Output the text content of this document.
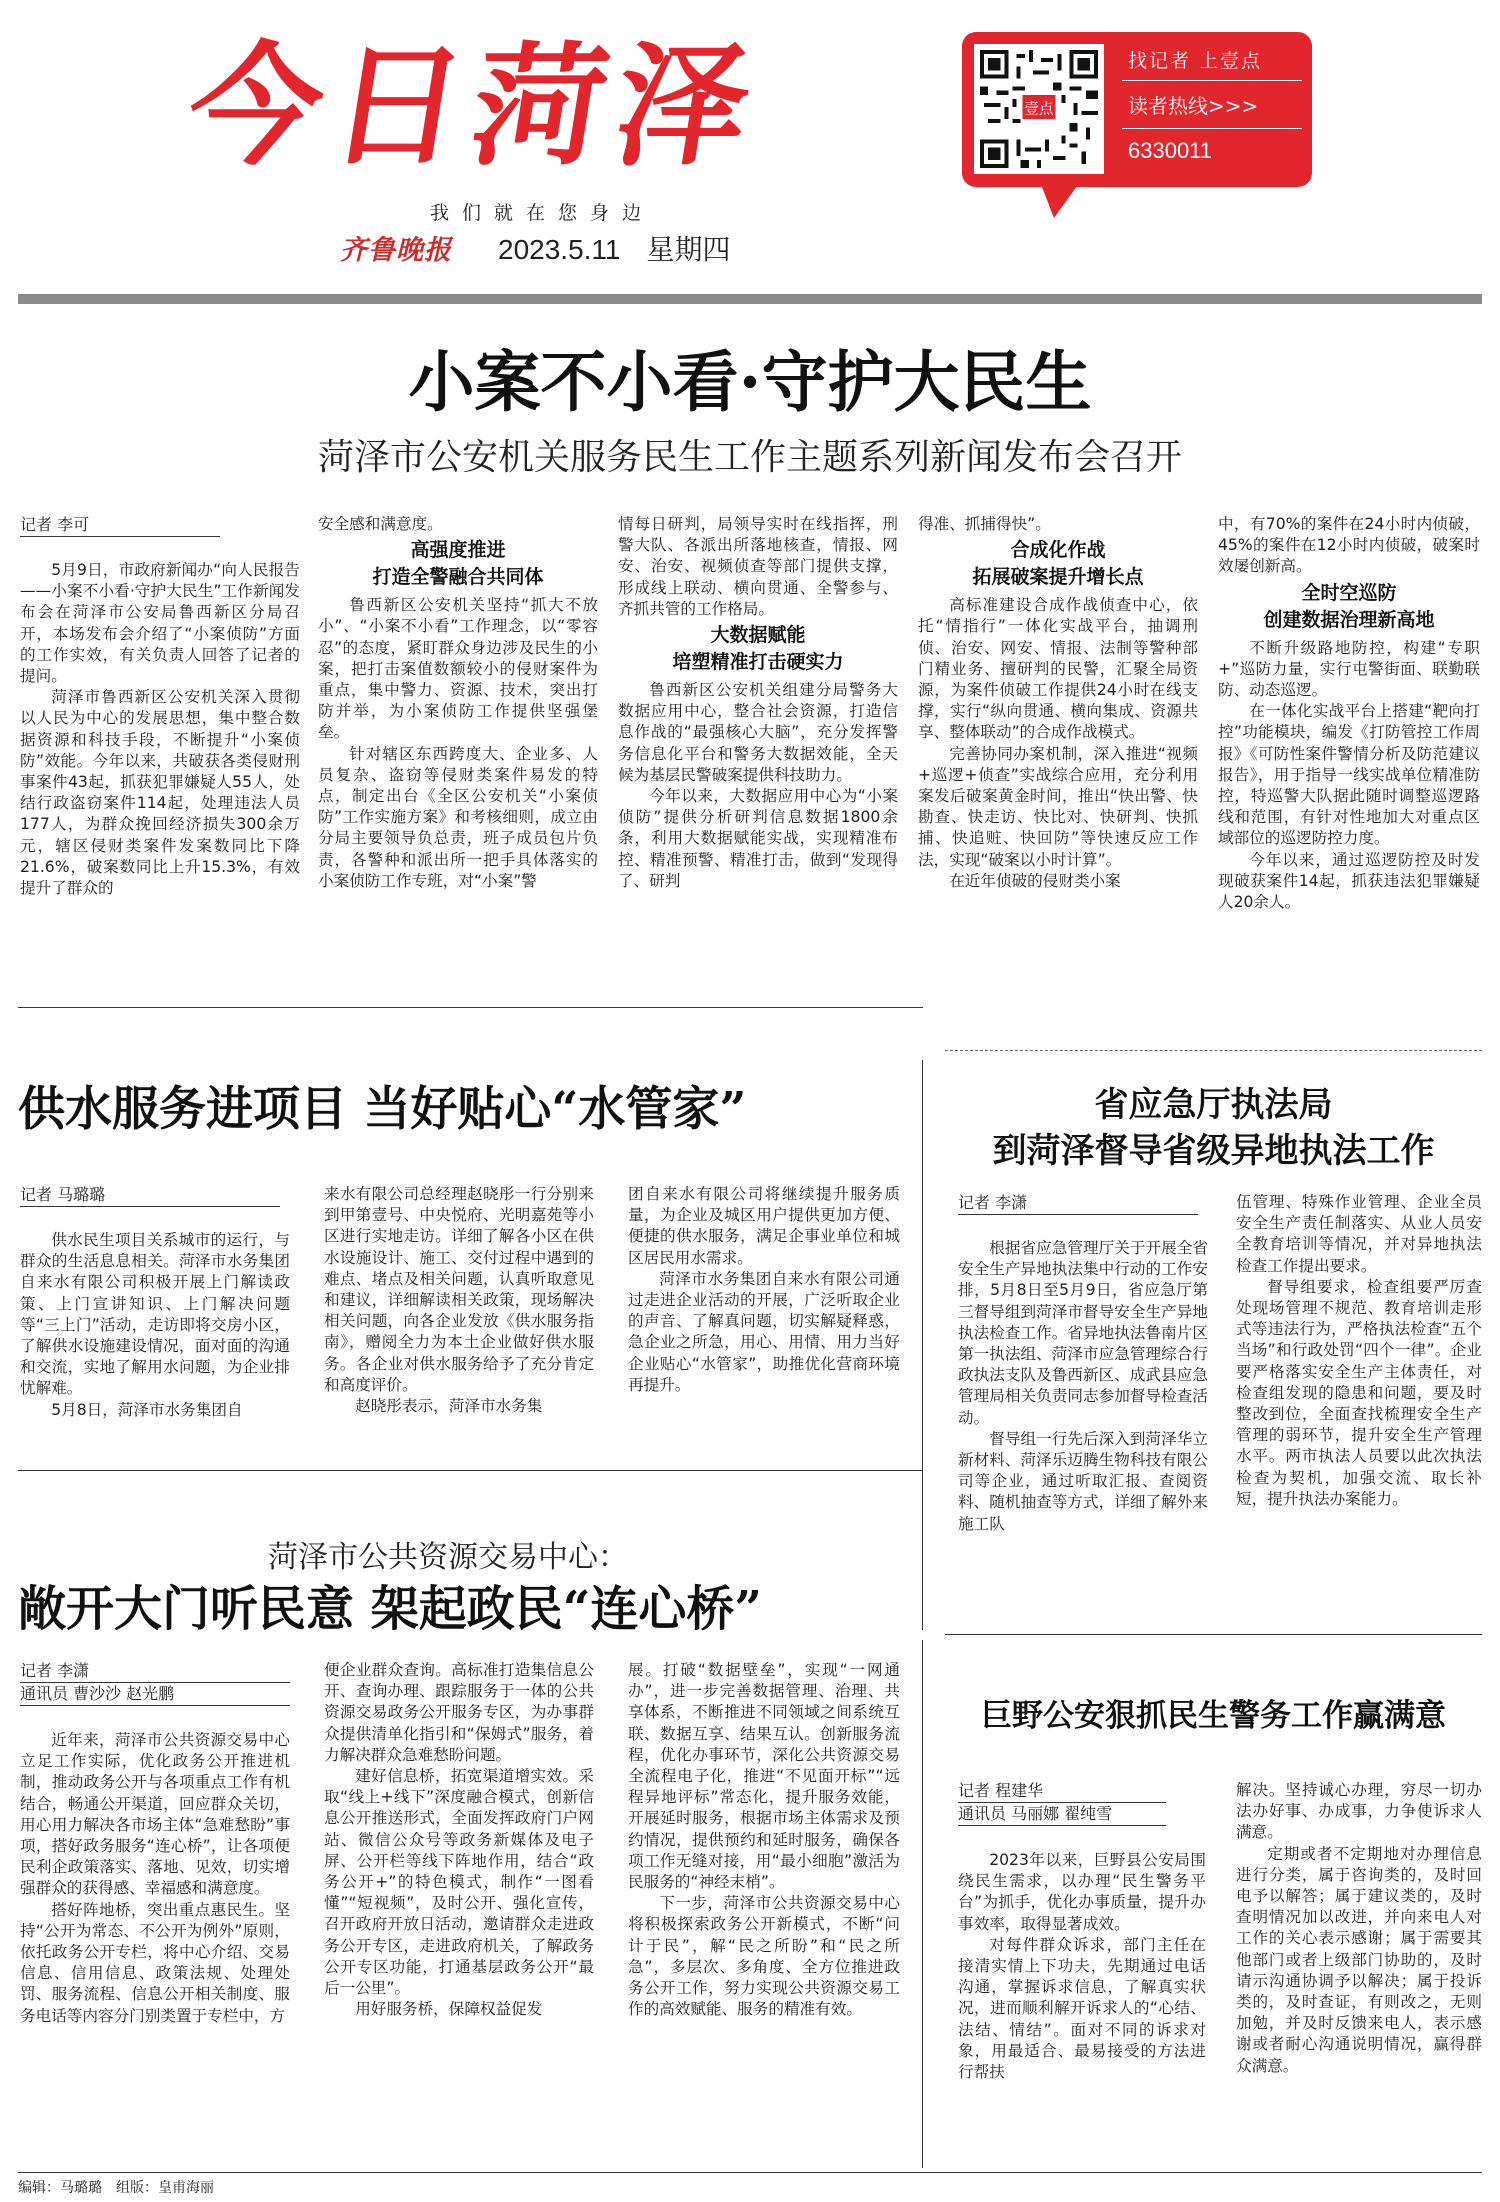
今日菏泽
我们就在您身边
齐鲁晚报 2023.5.11 星期四
壹点
找记者 上壹点
读者热线>>>
6330011
小案不小看·守护大民生
菏泽市公安机关服务民生工作主题系列新闻发布会召开
记者 李可

5月9日，市政府新闻办“向人民报告——小案不小看·守护大民生”工作新闻发布会在菏泽市公安局鲁西新区分局召开，本场发布会介绍了“小案侦防”方面的工作实效，有关负责人回答了记者的提问。

菏泽市鲁西新区公安机关深入贯彻以人民为中心的发展思想，集中整合数据资源和科技手段，不断提升“小案侦防”效能。今年以来，共破获各类侵财刑事案件43起，抓获犯罪嫌疑人55人，处结行政盗窃案件114起，处理违法人员177人，为群众挽回经济损失300余万元，辖区侵财类案件发案数同比下降21.6%，破案数同比上升15.3%，有效提升了群众的

安全感和满意度。

高强度推进
打造全警融合共同体

鲁西新区公安机关坚持“抓大不放小”、“小案不小看”工作理念，以“零容忍”的态度，紧盯群众身边涉及民生的小案，把打击案值数额较小的侵财案件为重点，集中警力、资源、技术，突出打防并举，为小案侦防工作提供坚强堡垒。

针对辖区东西跨度大、企业多、人员复杂、盗窃等侵财类案件易发的特点，制定出台《全区公安机关“小案侦防”工作实施方案》和考核细则，成立由分局主要领导负总责，班子成员包片负责，各警种和派出所一把手具体落实的小案侦防工作专班，对“小案”警

情每日研判，局领导实时在线指挥，刑警大队、各派出所落地核查，情报、网安、治安、视频侦查等部门提供支撑，形成线上联动、横向贯通、全警参与、齐抓共管的工作格局。

大数据赋能
培塑精准打击硬实力

鲁西新区公安机关组建分局警务大数据应用中心，整合社会资源，打造信息作战的“最强核心大脑”，充分发挥警务信息化平台和警务大数据效能，全天候为基层民警破案提供科技助力。

今年以来，大数据应用中心为“小案侦防”提供分析研判信息数据1800余条，利用大数据赋能实战，实现精准布控、精准预警、精准打击，做到“发现得了、研判

得准、抓捕得快”。

合成化作战
拓展破案提升增长点

高标准建设合成作战侦查中心，依托“情指行”一体化实战平台，抽调刑侦、治安、网安、情报、法制等警种部门精业务、擅研判的民警，汇聚全局资源，为案件侦破工作提供24小时在线支撑，实行“纵向贯通、横向集成、资源共享、整体联动”的合成作战模式。

完善协同办案机制，深入推进“视频+巡逻+侦查”实战综合应用，充分利用案发后破案黄金时间，推出“快出警、快勘查、快走访、快比对、快研判、快抓捕、快追赃、快回防”等快速反应工作法，实现“破案以小时计算”。

在近年侦破的侵财类小案

中，有70%的案件在24小时内侦破，45%的案件在12小时内侦破，破案时效屡创新高。

全时空巡防
创建数据治理新高地

不断升级路地防控，构建“专职+”巡防力量，实行屯警街面、联勤联防、动态巡逻。

在一体化实战平台上搭建“靶向打控”功能模块，编发《打防管控工作周报》《可防性案件警情分析及防范建议报告》，用于指导一线实战单位精准防控，特巡警大队据此随时调整巡逻路线和范围，有针对性地加大对重点区域部位的巡逻防控力度。

今年以来，通过巡逻防控及时发现破获案件14起，抓获违法犯罪嫌疑人20余人。

供水服务进项目 当好贴心“水管家”
记者 马璐璐

供水民生项目关系城市的运行，与群众的生活息息相关。菏泽市水务集团自来水有限公司积极开展上门解读政策、上门宣讲知识、上门解决问题等“三上门”活动，走访即将交房小区，了解供水设施建设情况，面对面的沟通和交流，实地了解用水问题，为企业排忧解难。

5月8日，菏泽市水务集团自

来水有限公司总经理赵晓彤一行分别来到甲第壹号、中央悦府、光明嘉苑等小区进行实地走访。详细了解各小区在供水设施设计、施工、交付过程中遇到的难点、堵点及相关问题，认真听取意见和建议，详细解读相关政策，现场解决相关问题，向各企业发放《供水服务指南》，赠阅全力为本土企业做好供水服务。各企业对供水服务给予了充分肯定和高度评价。

赵晓彤表示，菏泽市水务集

团自来水有限公司将继续提升服务质量，为企业及城区用户提供更加方便、便捷的供水服务，满足企事业单位和城区居民用水需求。

菏泽市水务集团自来水有限公司通过走进企业活动的开展，广泛听取企业的声音、了解真问题，切实解疑释惑，急企业之所急，用心、用情、用力当好企业贴心“水管家”，助推优化营商环境再提升。

省应急厅执法局
到菏泽督导省级异地执法工作
记者 李潇

根据省应急管理厅关于开展全省安全生产异地执法集中行动的工作安排，5月8日至5月9日，省应急厅第三督导组到菏泽市督导安全生产异地执法检查工作。省异地执法鲁南片区第一执法组、菏泽市应急管理综合行政执法支队及鲁西新区、成武县应急管理局相关负责同志参加督导检查活动。

督导组一行先后深入到菏泽华立新材料、菏泽乐迈腾生物科技有限公司等企业，通过听取汇报、查阅资料、随机抽查等方式，详细了解外来施工队

伍管理、特殊作业管理、企业全员安全生产责任制落实、从业人员安全教育培训等情况，并对异地执法检查工作提出要求。

督导组要求，检查组要严厉查处现场管理不规范、教育培训走形式等违法行为，严格执法检查“五个当场”和行政处罚“四个一律”。企业要严格落实安全生产主体责任，对检查组发现的隐患和问题，要及时整改到位，全面查找梳理安全生产管理的弱环节，提升安全生产管理水平。两市执法人员要以此次执法检查为契机，加强交流、取长补短，提升执法办案能力。

菏泽市公共资源交易中心：
敞开大门听民意 架起政民“连心桥”
记者 李潇 通讯员 曹沙沙 赵光鹏

近年来，菏泽市公共资源交易中心立足工作实际，优化政务公开推进机制，推动政务公开与各项重点工作有机结合，畅通公开渠道，回应群众关切，用心用力解决各市场主体“急难愁盼”事项，搭好政务服务“连心桥”，让各项便民利企政策落实、落地、见效，切实增强群众的获得感、幸福感和满意度。

搭好阵地桥，突出重点惠民生。坚持“公开为常态、不公开为例外”原则，依托政务公开专栏，将中心介绍、交易信息、信用信息、政策法规、处理处罚、服务流程、信息公开相关制度、服务电话等内容分门别类置于专栏中，方

便企业群众查询。高标准打造集信息公开、查询办理、跟踪服务于一体的公共资源交易政务公开服务专区，为办事群众提供清单化指引和“保姆式”服务，着力解决群众急难愁盼问题。

建好信息桥，拓宽渠道增实效。采取“线上+线下”深度融合模式，创新信息公开推送形式，全面发挥政府门户网站、微信公众号等政务新媒体及电子屏、公开栏等线下阵地作用，结合“政务公开+”的特色模式，制作“一图看懂”“短视频”，及时公开、强化宣传，召开政府开放日活动，邀请群众走进政务公开专区，走进政府机关，了解政务公开专区功能，打通基层政务公开“最后一公里”。

用好服务桥，保障权益促发

展。打破“数据壁垒”，实现“一网通办”，进一步完善数据管理、治理、共享体系，不断推进不同领域之间系统互联、数据互享、结果互认。创新服务流程，优化办事环节，深化公共资源交易全流程电子化，推进“不见面开标”“远程异地评标”常态化，提升服务效能，开展延时服务，根据市场主体需求及预约情况，提供预约和延时服务，确保各项工作无缝对接，用“最小细胞”激活为民服务的“神经末梢”。

下一步，菏泽市公共资源交易中心将积极探索政务公开新模式，不断“问计于民”，解“民之所盼”和“民之所急”，多层次、多角度、全方位推进政务公开工作，努力实现公共资源交易工作的高效赋能、服务的精准有效。

巨野公安狠抓民生警务工作赢满意
记者 程建华 通讯员 马丽娜 翟纯雪

2023年以来，巨野县公安局围绕民生需求，以办理“民生警务平台”为抓手，优化办事质量，提升办事效率，取得显著成效。

对每件群众诉求，部门主任在接清实情上下功夫，先期通过电话沟通，掌握诉求信息，了解真实状况，进而顺利解开诉求人的“心结、法结、情结”。面对不同的诉求对象，用最适合、最易接受的方法进行帮扶

解决。坚持诚心办理，穷尽一切办法办好事、办成事，力争使诉求人满意。

定期或者不定期地对办理信息进行分类，属于咨询类的，及时回电予以解答；属于建议类的，及时查明情况加以改进，并向来电人对工作的关心表示感谢；属于需要其他部门或者上级部门协助的，及时请示沟通协调予以解决；属于投诉类的，及时查证，有则改之，无则加勉，并及时反馈来电人，表示感谢或者耐心沟通说明情况，赢得群众满意。

编辑：马璐璐 组版：皇甫海丽
